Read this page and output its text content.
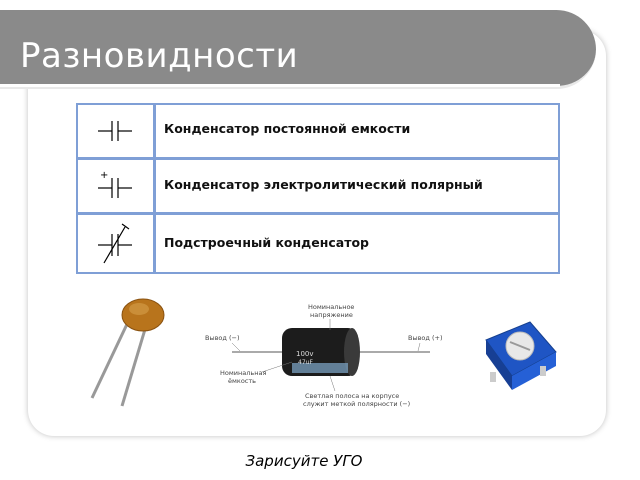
Разновидности
Конденсатор постоянной емкости
+
Конденсатор электролитический полярный
Подстроечный конденсатор
100v
47uF
Номинальное
напряжение
Вывод (−)	Вывод (+)
Номинальная
ёмкость
Светлая полоса на корпусе
служит меткой полярности (−)
Зарисуйте УГО
